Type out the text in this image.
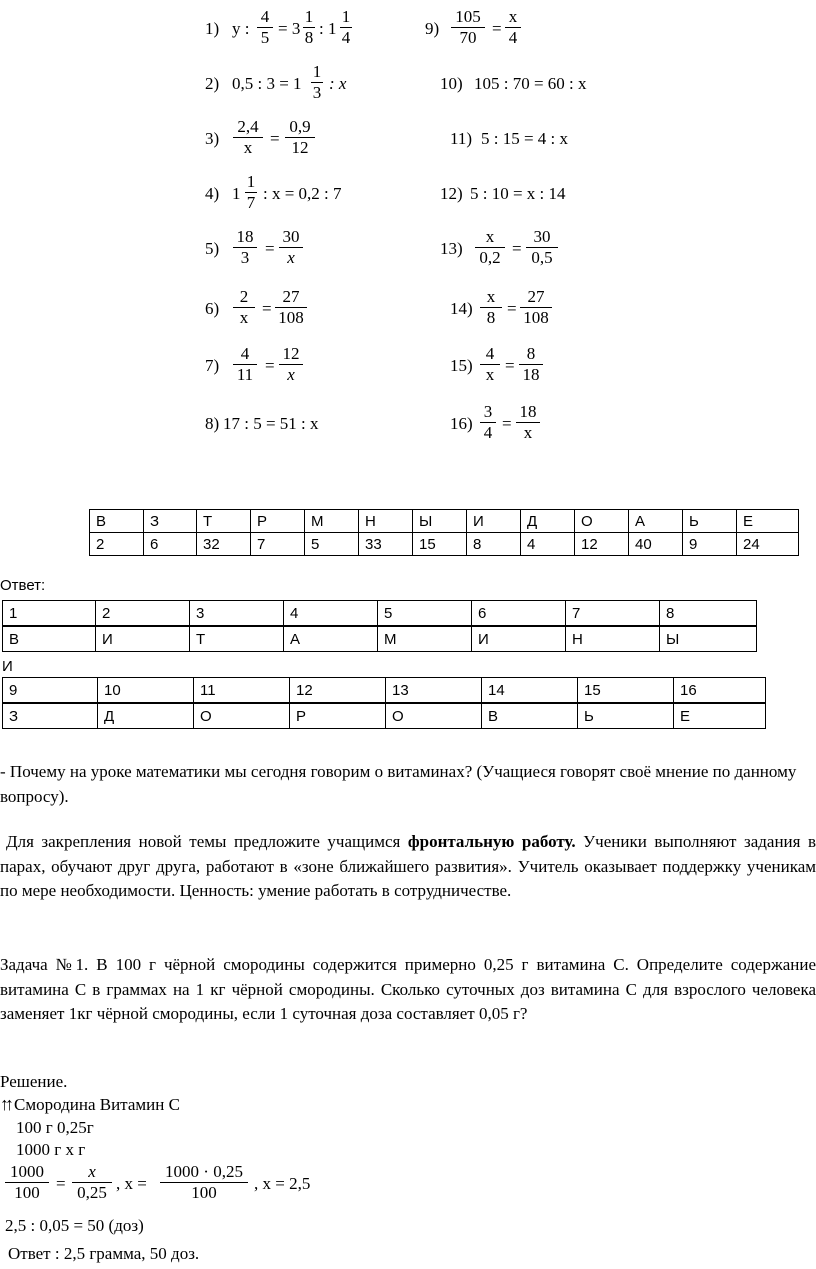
1) y :
4
5 = 3
1
8 : 1
1
4
2) 0,5 : 3 = 1
1
3 : x
3)
2,4
x =
0,9
12
4) 1
1
7 : x = 0,2 : 7
5)
18
3 =
30
x
6)
2
x =
27
108
7)
4
11 =
12
x
8) 17 : 5 = 51 : x
9)
105
70 =
x
4
10) 105 : 70 = 60 : x
11) 5 : 15 = 4 : x
12) 5 : 10 = x : 14
13)
x
0,2 =
30
0,5
14)
x
8 =
27
108
15)
4
x =
8
18
16)
3
4 =
18
x
В	З	Т	Р	М	Н	Ы	И	Д	О	А	Ь	Е
2	6	32	7	5	33	15	8	4	12	40	9	24
Ответ:
1	2	3	4	5	6	7	8
В	И	Т	А	М	И	Н	Ы
И
9	10	11	12	13	14	15	16
З	Д	О	Р	О	В	Ь	Е
- Почему на уроке математики мы сегодня говорим о витаминах? (Учащиеся говорят своё мнение по данному вопросу).
Для закрепления новой темы предложите учащимся фронтальную работу. Ученики выполняют задания в парах, обучают друг друга, работают в «зоне ближайшего развития». Учитель оказывает поддержку ученикам по мере необходимости. Ценность: умение работать в сотрудничестве.
Задача №1. В 100 г чёрной смородины содержится примерно 0,25 г витамина С. Определите содержание витамина С в граммах на 1 кг чёрной смородины. Сколько суточных доз витамина С для взрослого человека заменяет 1кг чёрной смородины, если 1 суточная доза составляет 0,05 г?
Решение.
↑↑ Смородина Витамин С
100 г 0,25г
1000 г х г
1000
100 =
x
0,25 , x =
1000 · 0,25
100 , x = 2,5
2,5 : 0,05 = 50 (доз)
Ответ : 2,5 грамма, 50 доз.
